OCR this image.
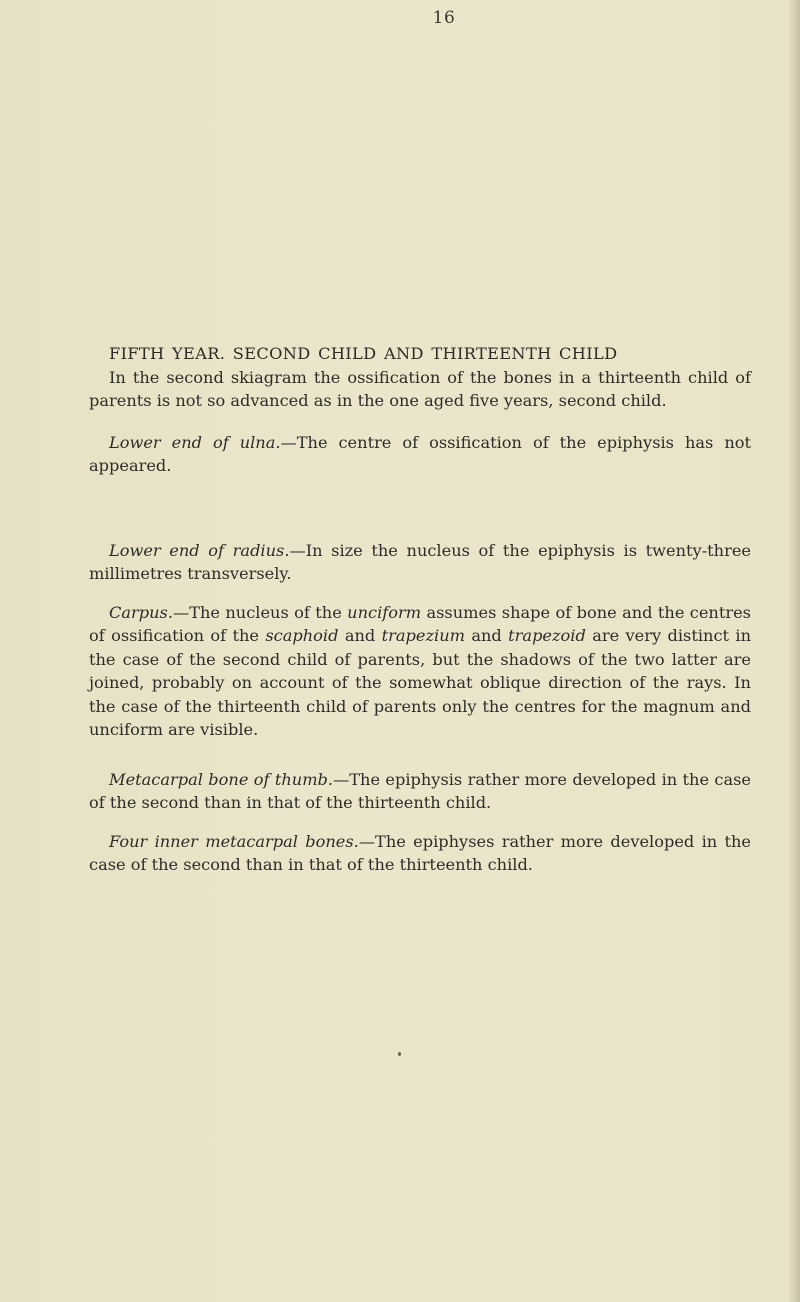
16
FIFTH YEAR. SECOND CHILD AND THIRTEENTH CHILD
In the second skiagram the ossification of the bones in a thirteenth child of parents is not so advanced as in the one aged five years, second child.
Lower end of ulna.—The centre of ossification of the epiphysis has not appeared.
Lower end of radius.—In size the nucleus of the epiphysis is twenty-three millimetres transversely.
Carpus.—The nucleus of the unciform assumes shape of bone and the centres of ossification of the scaphoid and trapezium and trapezoid are very distinct in the case of the second child of parents, but the shadows of the two latter are joined, probably on account of the somewhat oblique direction of the rays. In the case of the thirteenth child of parents only the centres for the magnum and unciform are visible.
Metacarpal bone of thumb.—The epiphysis rather more developed in the case of the second than in that of the thirteenth child.
Four inner metacarpal bones.—The epiphyses rather more developed in the case of the second than in that of the thirteenth child.
